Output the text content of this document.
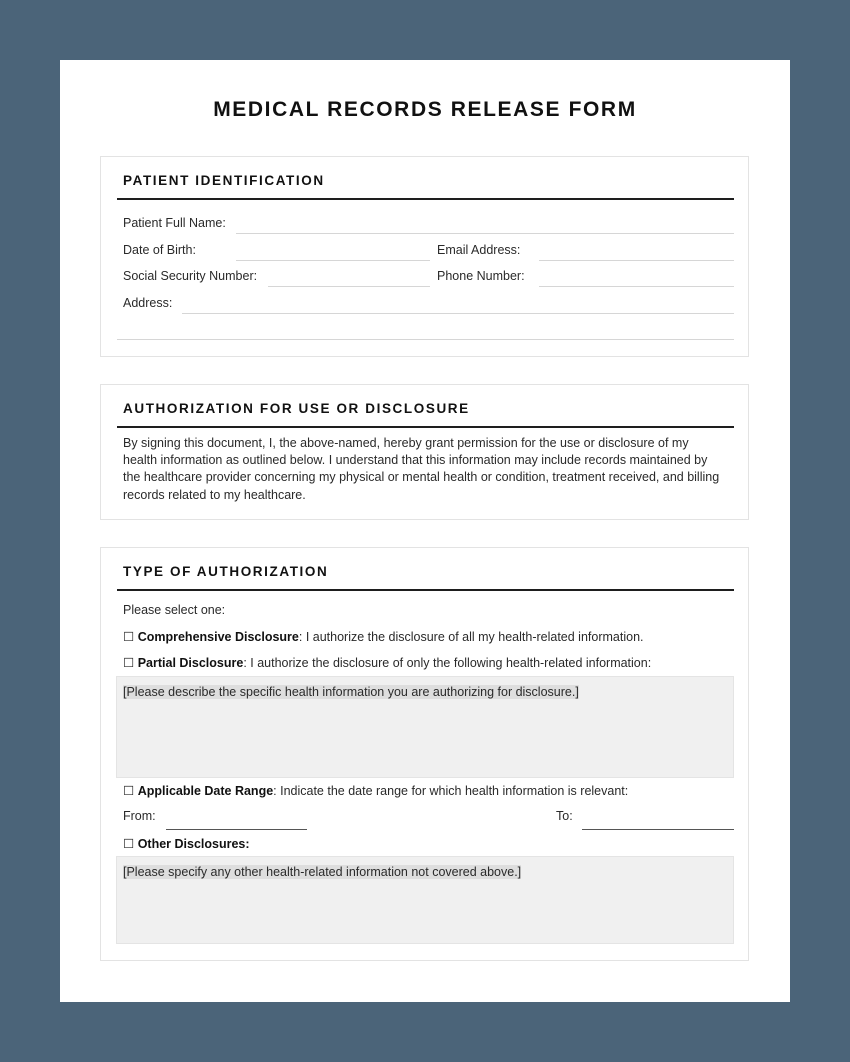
MEDICAL RECORDS RELEASE FORM
PATIENT IDENTIFICATION
Patient Full Name:
Date of Birth:	Email Address:
Social Security Number:	Phone Number:
Address:
AUTHORIZATION FOR USE OR DISCLOSURE
By signing this document, I, the above-named, hereby grant permission for the use or disclosure of my health information as outlined below. I understand that this information may include records maintained by the healthcare provider concerning my physical or mental health or condition, treatment received, and billing records related to my healthcare.
TYPE OF AUTHORIZATION
Please select one:
☐ Comprehensive Disclosure: I authorize the disclosure of all my health-related information.
☐ Partial Disclosure: I authorize the disclosure of only the following health-related information:
[Please describe the specific health information you are authorizing for disclosure.]
☐ Applicable Date Range: Indicate the date range for which health information is relevant:
From:	To:
☐ Other Disclosures:
[Please specify any other health-related information not covered above.]
